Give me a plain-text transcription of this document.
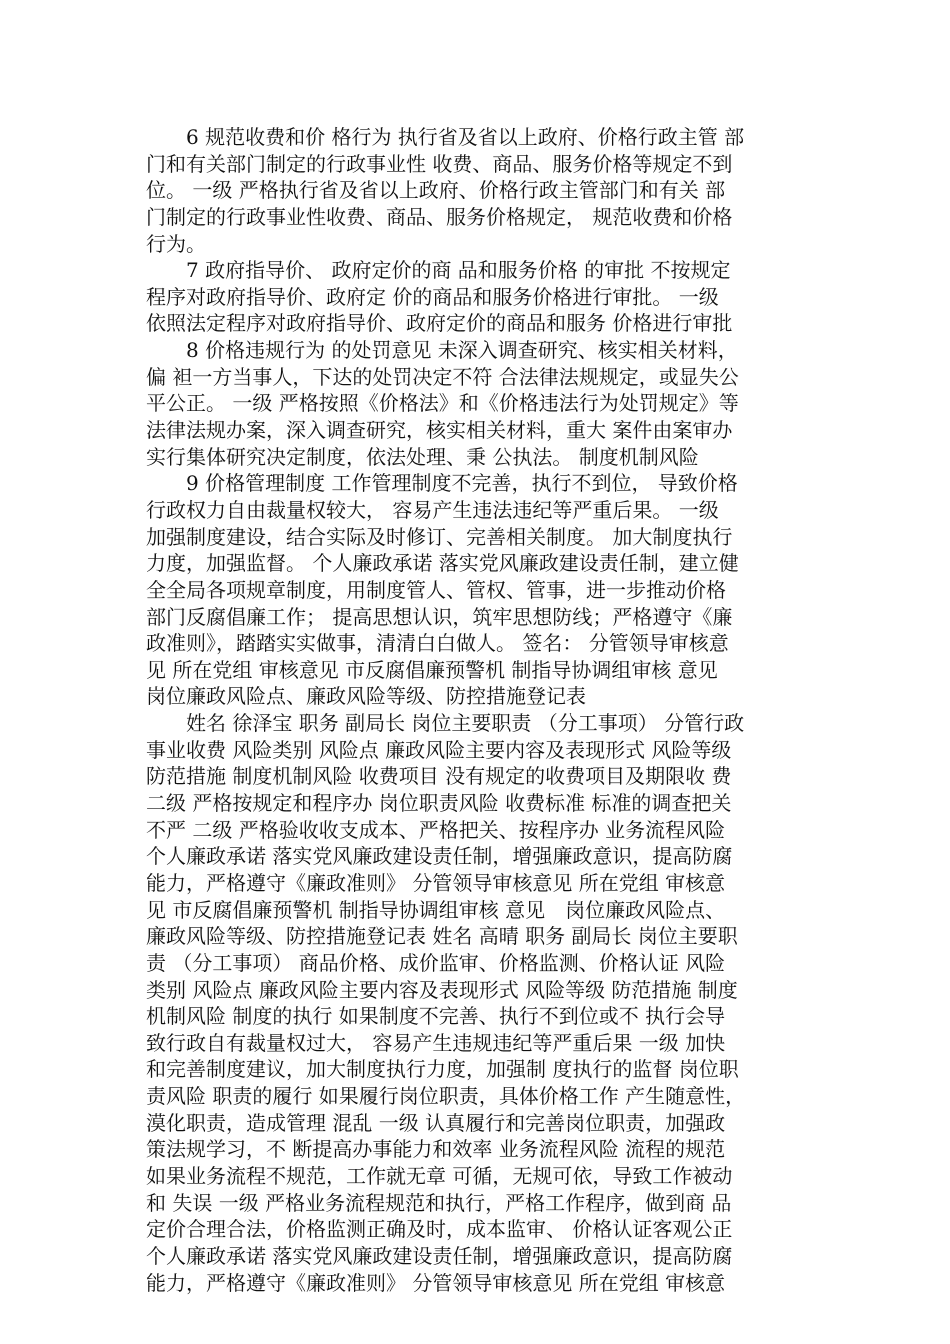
　　6 规范收费和价 格行为 执行省及省以上政府、价格行政主管 部
门和有关部门制定的行政事业性 收费、商品、服务价格等规定不到
位。 一级 严格执行省及省以上政府、价格行政主管部门和有关 部
门制定的行政事业性收费、商品、服务价格规定， 规范收费和价格
行为。
　　7 政府指导价、 政府定价的商 品和服务价格 的审批 不按规定
程序对政府指导价、政府定 价的商品和服务价格进行审批。 一级
依照法定程序对政府指导价、政府定价的商品和服务 价格进行审批
　　8 价格违规行为 的处罚意见 未深入调查研究、核实相关材料，
偏 袒一方当事人，下达的处罚决定不符 合法律法规规定，或显失公
平公正。 一级 严格按照《价格法》和《价格违法行为处罚规定》等
法律法规办案，深入调查研究，核实相关材料，重大 案件由案审办
实行集体研究决定制度，依法处理、秉 公执法。 制度机制风险
　　9 价格管理制度 工作管理制度不完善，执行不到位， 导致价格
行政权力自由裁量权较大， 容易产生违法违纪等严重后果。 一级
加强制度建设，结合实际及时修订、完善相关制度。 加大制度执行
力度，加强监督。 个人廉政承诺 落实党风廉政建设责任制，建立健
全全局各项规章制度，用制度管人、管权、管事，进一步推动价格
部门反腐倡廉工作； 提高思想认识，筑牢思想防线；严格遵守《廉
政准则》，踏踏实实做事，清清白白做人。 签名： 分管领导审核意
见 所在党组 审核意见 市反腐倡廉预警机 制指导协调组审核 意见
岗位廉政风险点、廉政风险等级、防控措施登记表
　　姓名 徐泽宝 职务 副局长 岗位主要职责 （分工事项） 分管行政
事业收费 风险类别 风险点 廉政风险主要内容及表现形式 风险等级
防范措施 制度机制风险 收费项目 没有规定的收费项目及期限收 费
二级 严格按规定和程序办 岗位职责风险 收费标准 标准的调查把关
不严 二级 严格验收收支成本、严格把关、按程序办 业务流程风险
个人廉政承诺 落实党风廉政建设责任制，增强廉政意识，提高防腐
能力，严格遵守《廉政准则》 分管领导审核意见 所在党组 审核意
见 市反腐倡廉预警机 制指导协调组审核 意见　岗位廉政风险点、
廉政风险等级、防控措施登记表 姓名 高晴 职务 副局长 岗位主要职
责 （分工事项） 商品价格、成价监审、价格监测、价格认证 风险
类别 风险点 廉政风险主要内容及表现形式 风险等级 防范措施 制度
机制风险 制度的执行 如果制度不完善、执行不到位或不 执行会导
致行政自有裁量权过大， 容易产生违规违纪等严重后果 一级 加快
和完善制度建议，加大制度执行力度，加强制 度执行的监督 岗位职
责风险 职责的履行 如果履行岗位职责，具体价格工作 产生随意性，
漠化职责，造成管理 混乱 一级 认真履行和完善岗位职责，加强政
策法规学习，不 断提高办事能力和效率 业务流程风险 流程的规范
如果业务流程不规范，工作就无章 可循，无规可依，导致工作被动
和 失误 一级 严格业务流程规范和执行，严格工作程序，做到商 品
定价合理合法，价格监测正确及时，成本监审、 价格认证客观公正
个人廉政承诺 落实党风廉政建设责任制，增强廉政意识，提高防腐
能力，严格遵守《廉政准则》 分管领导审核意见 所在党组 审核意
